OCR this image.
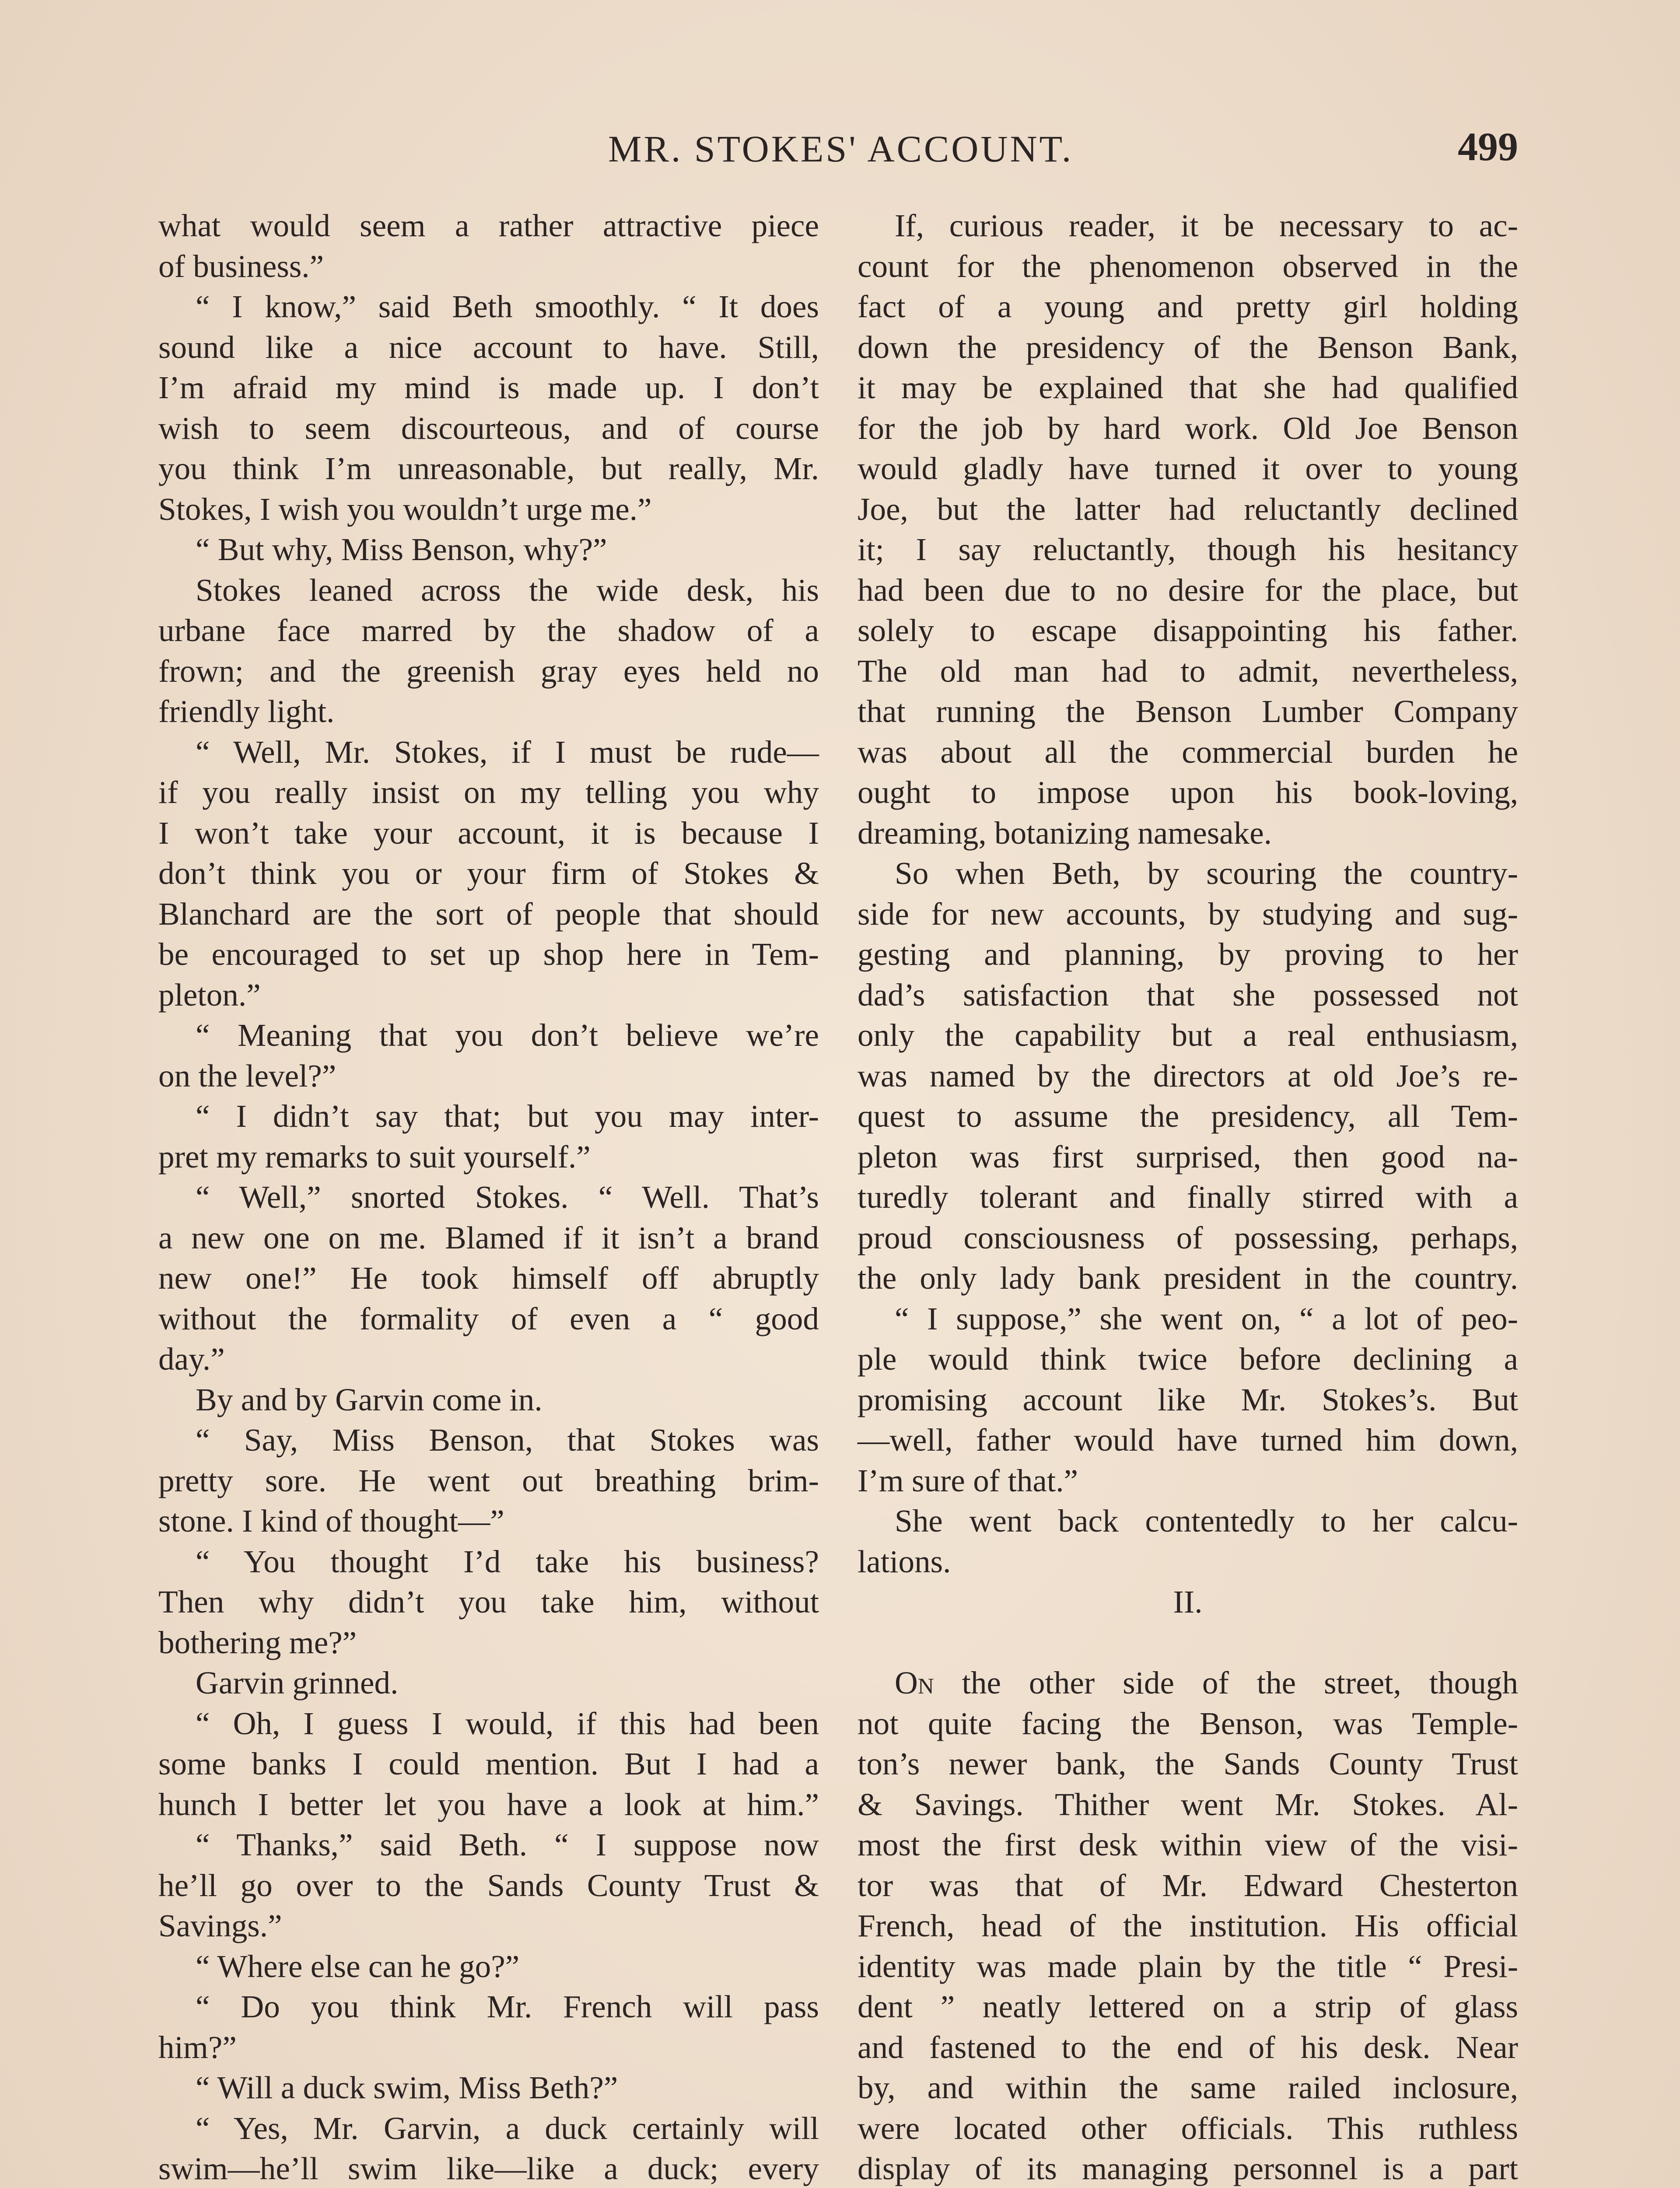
MR. STOKES' ACCOUNT.	499
what would seem a rather attractive piece
of business.”
“ I know,” said Beth smoothly. “ It does
sound like a nice account to have. Still,
I’m afraid my mind is made up. I don’t
wish to seem discourteous, and of course
you think I’m unreasonable, but really, Mr.
Stokes, I wish you wouldn’t urge me.”
“ But why, Miss Benson, why?”
Stokes leaned across the wide desk, his
urbane face marred by the shadow of a
frown; and the greenish gray eyes held no
friendly light.
“ Well, Mr. Stokes, if I must be rude—
if you really insist on my telling you why
I won’t take your account, it is because I
don’t think you or your firm of Stokes &
Blanchard are the sort of people that should
be encouraged to set up shop here in Tem-
pleton.”
“ Meaning that you don’t believe we’re
on the level?”
“ I didn’t say that; but you may inter-
pret my remarks to suit yourself.”
“ Well,” snorted Stokes. “ Well. That’s
a new one on me. Blamed if it isn’t a brand
new one!” He took himself off abruptly
without the formality of even a “ good
day.”
By and by Garvin come in.
“ Say, Miss Benson, that Stokes was
pretty sore. He went out breathing brim-
stone. I kind of thought—”
“ You thought I’d take his business?
Then why didn’t you take him, without
bothering me?”
Garvin grinned.
“ Oh, I guess I would, if this had been
some banks I could mention. But I had a
hunch I better let you have a look at him.”
“ Thanks,” said Beth. “ I suppose now
he’ll go over to the Sands County Trust &
Savings.”
“ Where else can he go?”
“ Do you think Mr. French will pass
him?”
“ Will a duck swim, Miss Beth?”
“ Yes, Mr. Garvin, a duck certainly will
swim—he’ll swim like—like a duck; every
If, curious reader, it be necessary to ac-
count for the phenomenon observed in the
fact of a young and pretty girl holding
down the presidency of the Benson Bank,
it may be explained that she had qualified
for the job by hard work. Old Joe Benson
would gladly have turned it over to young
Joe, but the latter had reluctantly declined
it; I say reluctantly, though his hesitancy
had been due to no desire for the place, but
solely to escape disappointing his father.
The old man had to admit, nevertheless,
that running the Benson Lumber Company
was about all the commercial burden he
ought to impose upon his book-loving,
dreaming, botanizing namesake.
So when Beth, by scouring the country-
side for new accounts, by studying and sug-
gesting and planning, by proving to her
dad’s satisfaction that she possessed not
only the capability but a real enthusiasm,
was named by the directors at old Joe’s re-
quest to assume the presidency, all Tem-
pleton was first surprised, then good na-
turedly tolerant and finally stirred with a
proud consciousness of possessing, perhaps,
the only lady bank president in the country.
“ I suppose,” she went on, “ a lot of peo-
ple would think twice before declining a
promising account like Mr. Stokes’s. But
—well, father would have turned him down,
I’m sure of that.”
She went back contentedly to her calcu-
lations.
II.
On the other side of the street, though
not quite facing the Benson, was Temple-
ton’s newer bank, the Sands County Trust
& Savings. Thither went Mr. Stokes. Al-
most the first desk within view of the visi-
tor was that of Mr. Edward Chesterton
French, head of the institution. His official
identity was made plain by the title “ Presi-
dent ” neatly lettered on a strip of glass
and fastened to the end of his desk. Near
by, and within the same railed inclosure,
were located other officials. This ruthless
display of its managing personnel is a part
